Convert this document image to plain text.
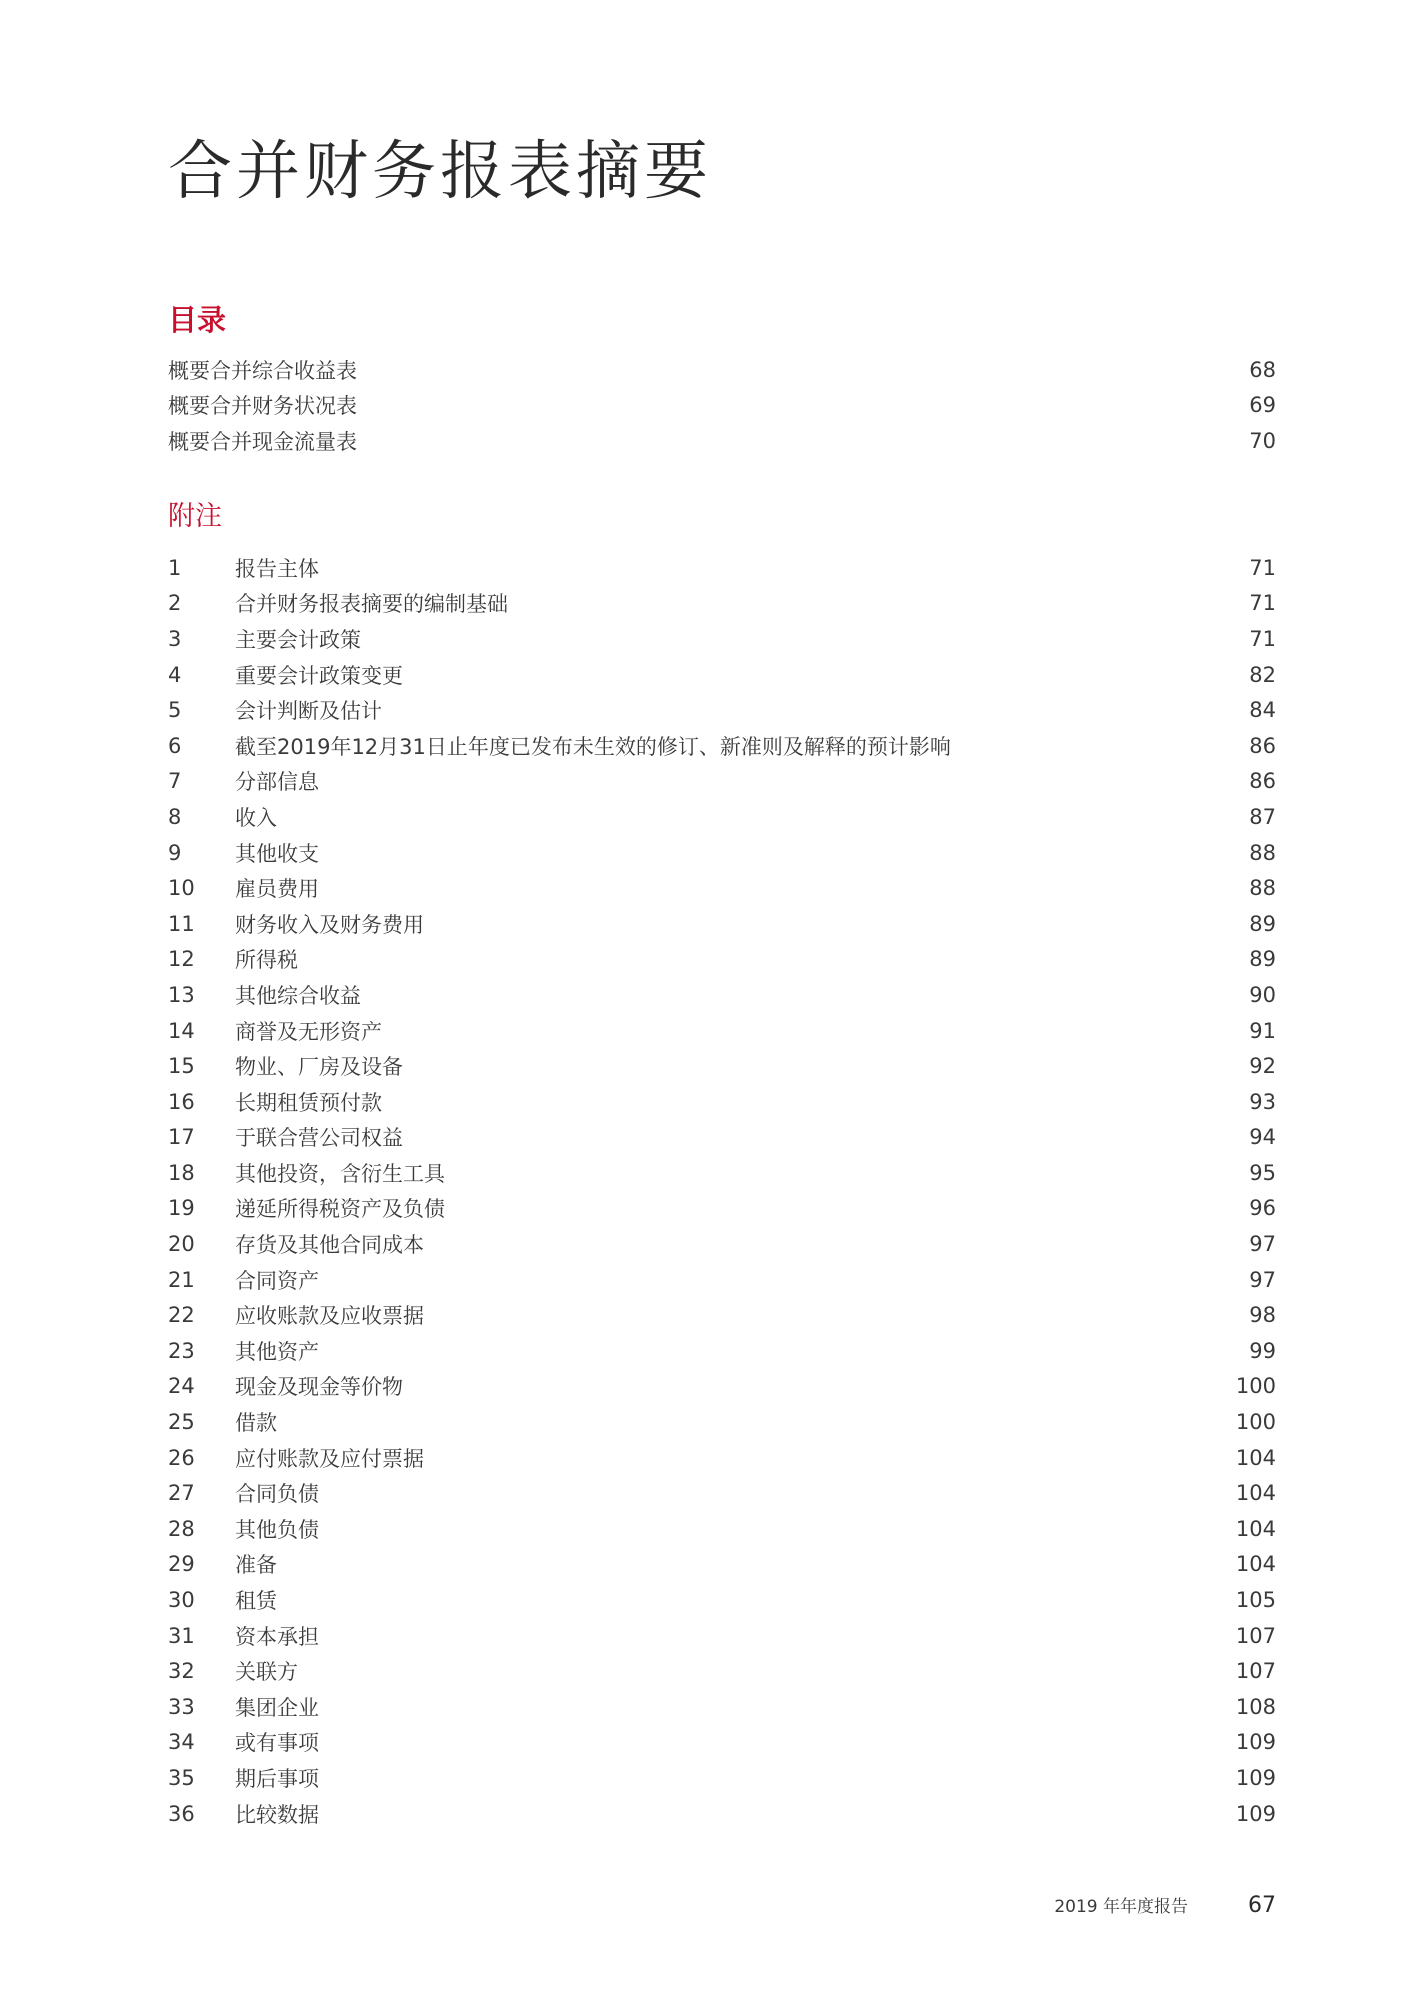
合并财务报表摘要
目录
概要合并综合收益表	68
概要合并财务状况表	69
概要合并现金流量表	70
附注
1	报告主体	71
2	合并财务报表摘要的编制基础	71
3	主要会计政策	71
4	重要会计政策变更	82
5	会计判断及估计	84
6	截至2019年12月31日止年度已发布未生效的修订、新准则及解释的预计影响	86
7	分部信息	86
8	收入	87
9	其他收支	88
10	雇员费用	88
11	财务收入及财务费用	89
12	所得税	89
13	其他综合收益	90
14	商誉及无形资产	91
15	物业、厂房及设备	92
16	长期租赁预付款	93
17	于联合营公司权益	94
18	其他投资，含衍生工具	95
19	递延所得税资产及负债	96
20	存货及其他合同成本	97
21	合同资产	97
22	应收账款及应收票据	98
23	其他资产	99
24	现金及现金等价物	100
25	借款	100
26	应付账款及应付票据	104
27	合同负债	104
28	其他负债	104
29	准备	104
30	租赁	105
31	资本承担	107
32	关联方	107
33	集团企业	108
34	或有事项	109
35	期后事项	109
36	比较数据	109
2019 年年度报告	67
